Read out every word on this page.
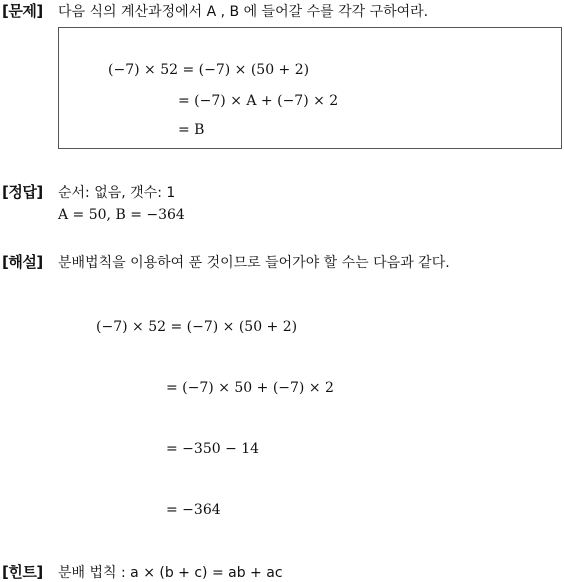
[문제] 다음 식의 계산과정에서 A , B 에 들어갈 수를 각각 구하여라.
(−7) × 52 = (−7) × (50 + 2)
= (−7) × A + (−7) × 2
= B
[정답] 순서: 없음, 갯수: 1
A = 50, B = −364
[해설] 분배법칙을 이용하여 푼 것이므로 들어가야 할 수는 다음과 같다.
(−7) × 52 = (−7) × (50 + 2)
= (−7) × 50 + (−7) × 2
= −350 − 14
= −364
[힌트] 분배 법칙 : a × (b + c) = ab + ac
